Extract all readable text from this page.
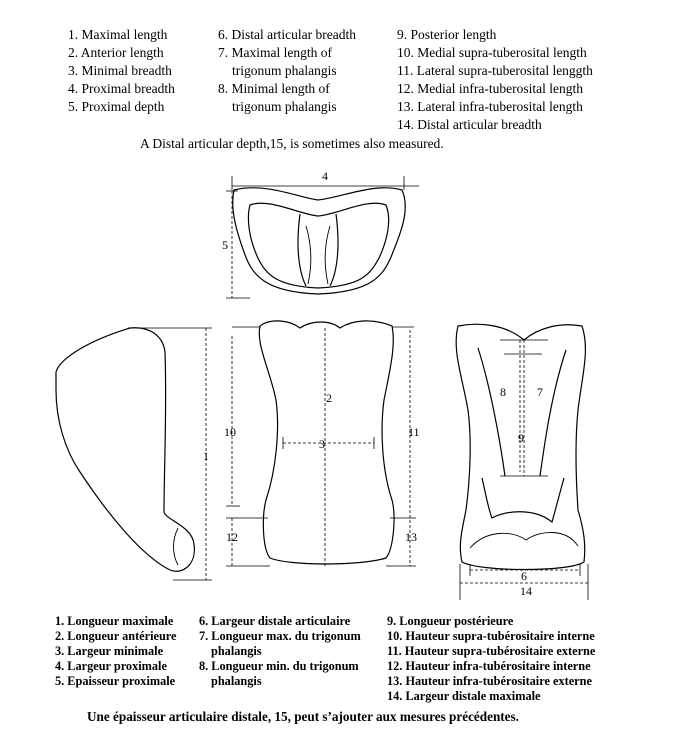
1. Maximal length
2. Anterior length
3. Minimal breadth
4. Proximal breadth
5. Proximal depth
6. Distal articular breadth
7. Maximal length of
trigonum phalangis
8. Minimal length of
trigonum phalangis
9. Posterior length
10. Medial supra-tuberosital length
11. Lateral supra-tuberosital lenggth
12. Medial infra-tuberosital length
13. Lateral infra-tuberosital length
14. Distal articular breadth
A Distal articular depth,15, is sometimes also measured.
4
5
1
2
3
10	11
12	13
8	7
9
6
14
1. Longueur maximale
2. Longueur antérieure
3. Largeur minimale
4. Largeur proximale
5. Epaisseur proximale
6. Largeur distale articulaire
7. Longueur max. du trigonum
phalangis
8. Longueur min. du trigonum
phalangis
9. Longueur postérieure
10. Hauteur supra-tubérositaire interne
11. Hauteur supra-tubérositaire externe
12. Hauteur infra-tubérositaire interne
13. Hauteur infra-tubérositaire externe
14. Largeur distale maximale
Une épaisseur articulaire distale, 15, peut s’ajouter aux mesures précédentes.
